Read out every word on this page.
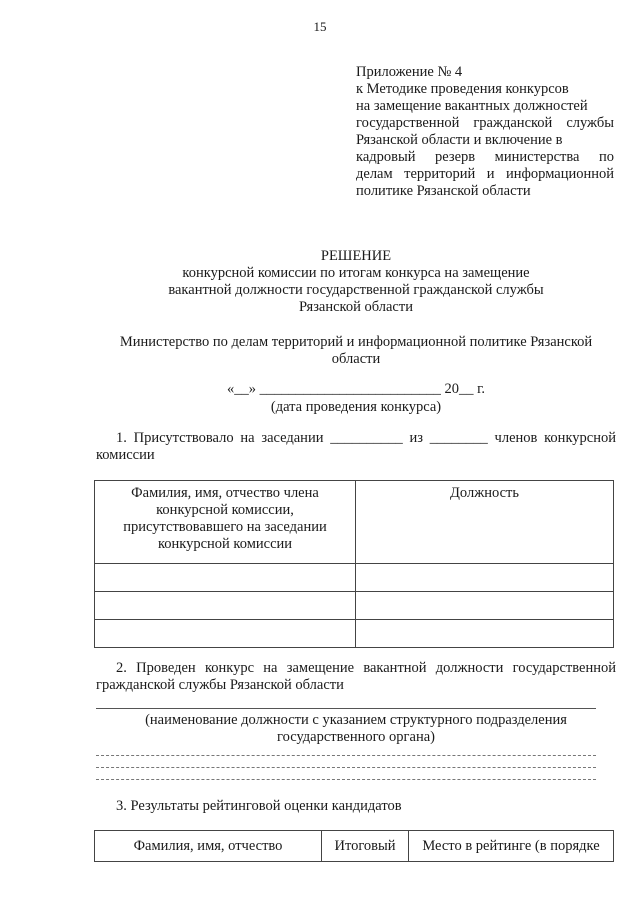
15
Приложение № 4
к Методике проведения конкурсов
на замещение вакантных должностей
государственной гражданской службы
Рязанской области и включение в
кадровый резерв министерства по
делам территорий и информационной
политике Рязанской области
РЕШЕНИЕ
конкурсной комиссии по итогам конкурса на замещение
вакантной должности государственной гражданской службы
Рязанской области
Министерство по делам территорий и информационной политике Рязанской области
«__» _________________________ 20__ г.
(дата проведения конкурса)
1. Присутствовало на заседании __________ из ________ членов конкурсной комиссии
Фамилия, имя, отчество члена конкурсной комиссии, присутствовавшего на заседании конкурсной комиссии	Должность

2. Проведен конкурс на замещение вакантной должности государственной гражданской службы Рязанской области
(наименование должности с указанием структурного подразделения государственного органа)
3. Результаты рейтинговой оценки кандидатов
Фамилия, имя, отчество	Итоговый	Место в рейтинге (в порядке
